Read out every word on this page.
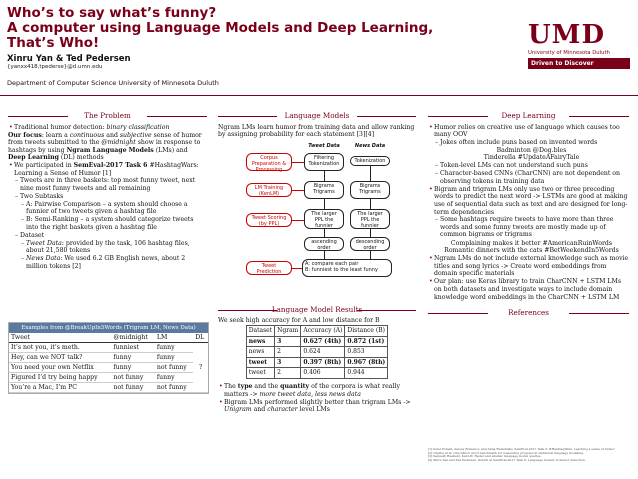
Who’s to say what’s funny?
A computer using Language Models and Deep Learning,
That’s Who!
Xinru Yan & Ted Pedersen
{yanxx418,tpederse}@d.umn.edu
Department of Computer Science University of Minnesota Duluth
UMD
University of Minnesota Duluth
Driven to Discover
The Problem
• Traditional humor detection: binary classification
Our focus: learn a continuous and subjective sense of humor from tweets submitted to the @midnight show in response to hashtags by using Ngram Language Models (LMs) and Deep Learning (DL) methods
• We participated in SemEval-2017 Task 6 #HashtagWars: Learning a Sense of Humor [1]
– Tweets are in three baskets: top most funny tweet, next nine most funny tweets and all remaining
– Two Subtasks
– A: Pairwise Comparison – a system should choose a funnier of two tweets given a hashtag file
– B: Semi-Ranking – a system should categorize tweets into the right baskets given a hashtag file
– Dataset
– Tweet Data: provided by the task, 106 hashtag files, about 21,580 tokens
– News Data: We used 6.2 GB English news, about 2 million tokens [2]
Examples from @BreakUpIn5Words (Trigram LM, News Data)
Tweet	@midnight	LM	DL
It’s not you, it’s meth.	funniest	funny	?
Hey, can we NOT talk?	funny	funny	
You need your own Netflix	funny	not funny	
Figured I’d try being happy	not funny	funny	
You’re a Mac, I’m PC	not funny	not funny	
Language Models
Ngram LMs learn humor from training data and allow ranking by assigning probability for each statement [3][4]
Tweet Data	News Data
Corpus Preparation & Processing
Filtering Tokenization	Tokenization
LM Training (KenLM)
Bigrams Trigrams
Bigrams Trigrams
Tweet Scoring (by PPL)
The larger PPL the funnier
The larger PPL the funnier
ascending order
descending order
Tweet Prediction
A: compare each pair
B: funniest to the least funny
Language Model Results
We seek high accuracy for A and low distance for B
Dataset	Ngram	Accuracy (A)	Distance (B)
news	3	0.627 (4th)	0.872 (1st)
news	2	0.624	0.853
tweet	3	0.397 (8th)	0.967 (8th)
tweet	2	0.406	0.944
• The type and the quantity of the corpora is what really matters -> more tweet data, less news data
• Bigram LMs performed slightly better than trigram LMs -> Unigram and character level LMs
Deep Learning
• Humor relies on creative use of language which causes too many OOV
– Jokes often include puns based on invented words
Badminton @Dog.bles
Tinderella #UpdateAFairyTale
– Token-level LMs can not understand such puns
– Character-based CNNs (CharCNN) are not dependent on observing tokens in training data
• Bigram and trigram LMs only use two or three preceding words to predict the next word -> LSTMs are good at making use of sequential data such as text and are designed for long-term dependencies
– Some hashtags require tweets to have more than three words and some funny tweets are mostly made up of common bigrams or trigrams
Complaining makes it better #AmericanRuinWords
Romantic dinners with the cats #BetWeekendIn5Words
• Ngram LMs do not include external knowledge such as movie titles and song lyrics -> Create word embeddings from domain specific materials
• Our plan: use Keras library to train CharCNN + LSTM LMs on both datasets and investigate ways to include domain knowledge word embeddings in the CharCNN + LSTM LM
References
[1] Peter Potash, Alexey Romanov, and Anna Rumshisky. SemEval-2017 Task 6: #HashtagWars: Learning a sense of humor.
[2] Chelba et al. One billion word benchmark for measuring progress in statistical language modeling.
[3] Kenneth Heafield. KenLM: Faster and smaller language model queries.
[4] Xinru Yan and Ted Pedersen. Duluth at SemEval-2017 Task 6: Language models in humor detection.
